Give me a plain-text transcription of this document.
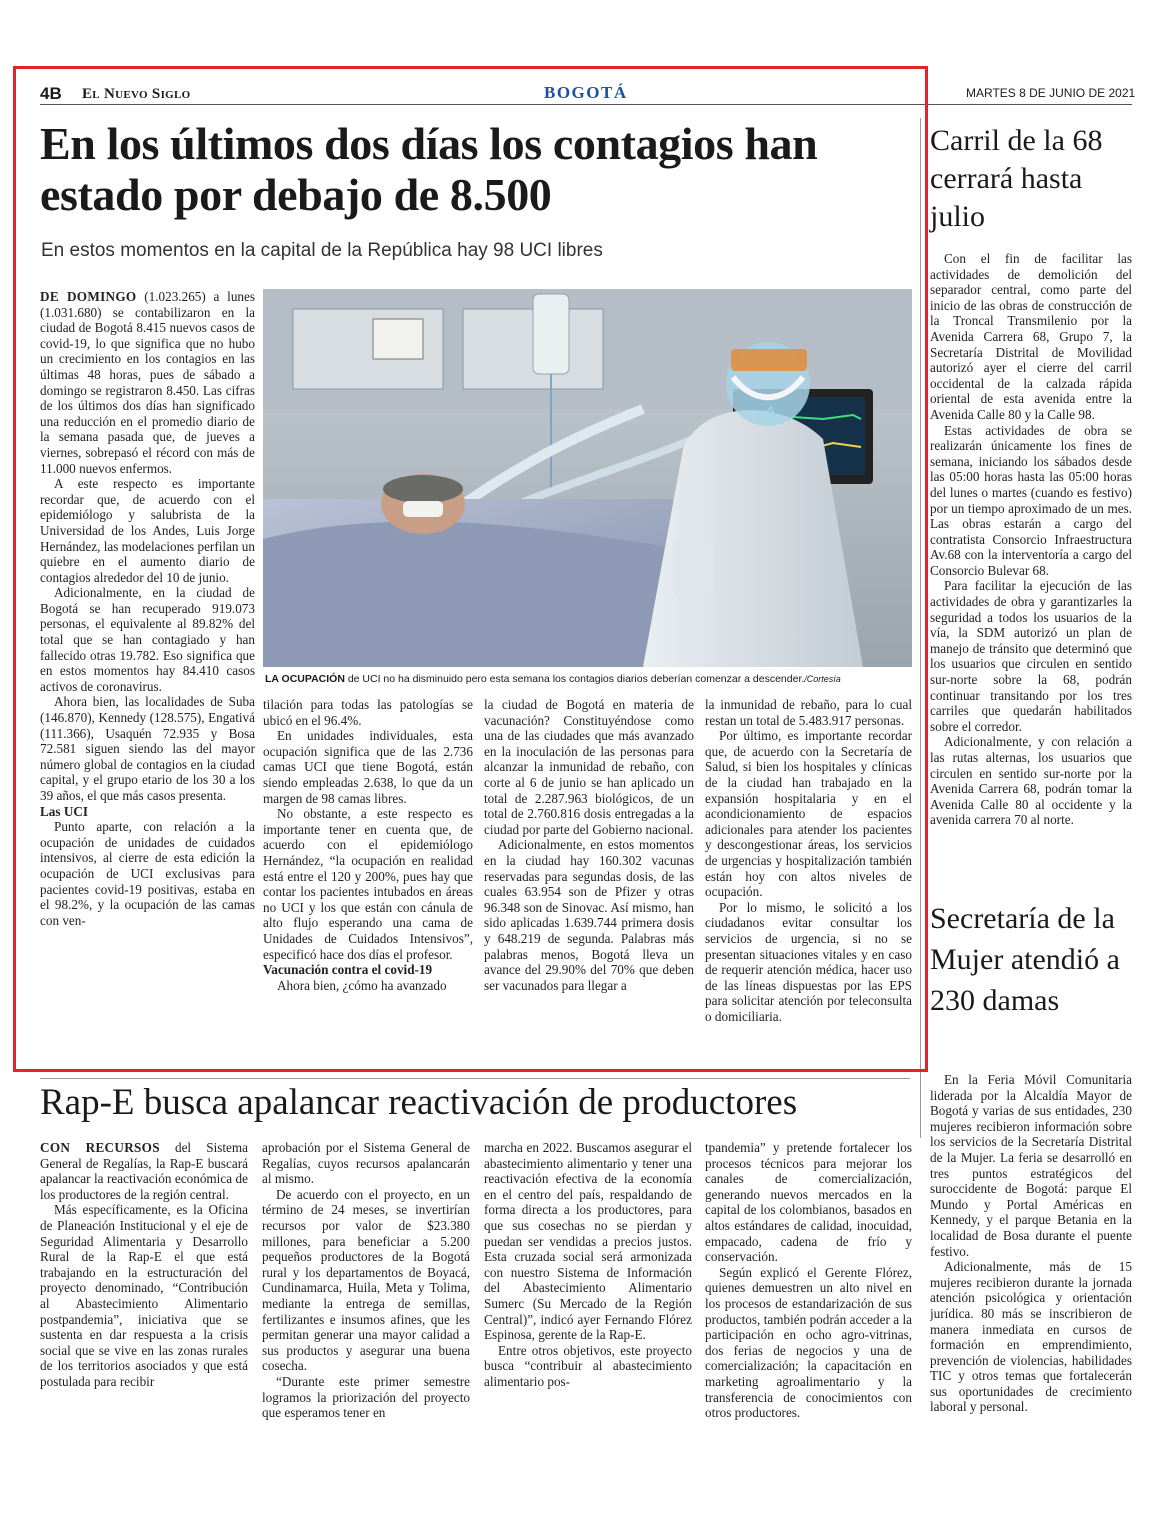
4B El Nuevo Siglo	BOGOTÁ	MARTES 8 DE JUNIO DE 2021
En los últimos dos días los contagios han estado por debajo de 8.500
En estos momentos en la capital de la República hay 98 UCI libres

DE DOMINGO (1.023.265) a lunes (1.031.680) se contabilizaron en la ciudad de Bogotá 8.415 nuevos casos de covid-19, lo que significa que no hubo un crecimiento en los contagios en las últimas 48 horas, pues de sábado a domingo se registraron 8.450. Las cifras de los últimos dos días han significado una reducción en el promedio diario de la semana pasada que, de jueves a viernes, sobrepasó el récord con más de 11.000 nuevos enfermos.

A este respecto es importante recordar que, de acuerdo con el epidemiólogo y salubrista de la Universidad de los Andes, Luis Jorge Hernández, las modelaciones perfilan un quiebre en el aumento diario de contagios alrededor del 10 de junio.

Adicionalmente, en la ciudad de Bogotá se han recuperado 919.073 personas, el equivalente al 89.82% del total que se han contagiado y han fallecido otras 19.782. Eso significa que en estos momentos hay 84.410 casos activos de coronavirus.

Ahora bien, las localidades de Suba (146.870), Kennedy (128.575), Engativá (111.366), Usaquén 72.935 y Bosa 72.581 siguen siendo las del mayor número global de contagios en la ciudad capital, y el grupo etario de los 30 a los 39 años, el que más casos presenta.

Las UCI

Punto aparte, con relación a la ocupación de unidades de cuidados intensivos, al cierre de esta edición la ocupación de UCI exclusivas para pacientes covid-19 positivas, estaba en el 98.2%, y la ocupación de las camas con ven-

LA OCUPACIÓN de UCI no ha disminuido pero esta semana los contagios diarios deberían comenzar a descender./Cortesía

tilación para todas las patologías se ubicó en el 96.4%.

En unidades individuales, esta ocupación significa que de las 2.736 camas UCI que tiene Bogotá, están siendo empleadas 2.638, lo que da un margen de 98 camas libres.

No obstante, a este respecto es importante tener en cuenta que, de acuerdo con el epidemiólogo Hernández, “la ocupación en realidad está entre el 120 y 200%, pues hay que contar los pacientes intubados en áreas no UCI y los que están con cánula de alto flujo esperando una cama de Unidades de Cuidados Intensivos”, especificó hace dos días el profesor.

Vacunación contra el covid-19

Ahora bien, ¿cómo ha avanzado

la ciudad de Bogotá en materia de vacunación? Constituyéndose como una de las ciudades que más avanzado en la inoculación de las personas para alcanzar la inmunidad de rebaño, con corte al 6 de junio se han aplicado un total de 2.287.963 biológicos, de un total de 2.760.816 dosis entregadas a la ciudad por parte del Gobierno nacional.

Adicionalmente, en estos momentos en la ciudad hay 160.302 vacunas reservadas para segundas dosis, de las cuales 63.954 son de Pfizer y otras 96.348 son de Sinovac. Así mismo, han sido aplicadas 1.639.744 primera dosis y 648.219 de segunda. Palabras más palabras menos, Bogotá lleva un avance del 29.90% del 70% que deben ser vacunados para llegar a

la inmunidad de rebaño, para lo cual restan un total de 5.483.917 personas.

Por último, es importante recordar que, de acuerdo con la Secretaría de Salud, si bien los hospitales y clínicas de la ciudad han trabajado en la expansión hospitalaria y en el acondicionamiento de espacios adicionales para atender los pacientes y descongestionar áreas, los servicios de urgencias y hospitalización también están hoy con altos niveles de ocupación.

Por lo mismo, le solicitó a los ciudadanos evitar consultar los servicios de urgencia, si no se presentan situaciones vitales y en caso de requerir atención médica, hacer uso de las líneas dispuestas por las EPS para solicitar atención por teleconsulta o domiciliaria.

Carril de la 68 cerrará hasta julio

Con el fin de facilitar las actividades de demolición del separador central, como parte del inicio de las obras de construcción de la Troncal Transmilenio por la Avenida Carrera 68, Grupo 7, la Secretaría Distrital de Movilidad autorizó ayer el cierre del carril occidental de la calzada rápida oriental de esta avenida entre la Avenida Calle 80 y la Calle 98.

Estas actividades de obra se realizarán únicamente los fines de semana, iniciando los sábados desde las 05:00 horas hasta las 05:00 horas del lunes o martes (cuando es festivo) por un tiempo aproximado de un mes. Las obras estarán a cargo del contratista Consorcio Infraestructura Av.68 con la interventoría a cargo del Consorcio Bulevar 68.

Para facilitar la ejecución de las actividades de obra y garantizarles la seguridad a todos los usuarios de la vía, la SDM autorizó un plan de manejo de tránsito que determinó que los usuarios que circulen en sentido sur-norte sobre la 68, podrán continuar transitando por los tres carriles que quedarán habilitados sobre el corredor.

Adicionalmente, y con relación a las rutas alternas, los usuarios que circulen en sentido sur-norte por la Avenida Carrera 68, podrán tomar la Avenida Calle 80 al occidente y la avenida carrera 70 al norte.

Secretaría de la Mujer atendió a 230 damas

En la Feria Móvil Comunitaria liderada por la Alcaldía Mayor de Bogotá y varias de sus entidades, 230 mujeres recibieron información sobre los servicios de la Secretaría Distrital de la Mujer. La feria se desarrolló en tres puntos estratégicos del suroccidente de Bogotá: parque El Mundo y Portal Américas en Kennedy, y el parque Betania en la localidad de Bosa durante el puente festivo.

Adicionalmente, más de 15 mujeres recibieron durante la jornada atención psicológica y orientación jurídica. 80 más se inscribieron de manera inmediata en cursos de formación en emprendimiento, prevención de violencias, habilidades TIC y otros temas que fortalecerán sus oportunidades de crecimiento laboral y personal.

Rap-E busca apalancar reactivación de productores

CON RECURSOS del Sistema General de Regalías, la Rap-E buscará apalancar la reactivación económica de los productores de la región central.

Más específicamente, es la Oficina de Planeación Institucional y el eje de Seguridad Alimentaria y Desarrollo Rural de la Rap-E el que está trabajando en la estructuración del proyecto denominado, “Contribución al Abastecimiento Alimentario postpandemia”, iniciativa que se sustenta en dar respuesta a la crisis social que se vive en las zonas rurales de los territorios asociados y que está postulada para recibir

aprobación por el Sistema General de Regalías, cuyos recursos apalancarán al mismo.

De acuerdo con el proyecto, en un término de 24 meses, se invertirían recursos por valor de $23.380 millones, para beneficiar a 5.200 pequeños productores de la Bogotá rural y los departamentos de Boyacá, Cundinamarca, Huila, Meta y Tolima, mediante la entrega de semillas, fertilizantes e insumos afines, que les permitan generar una mayor calidad a sus productos y asegurar una buena cosecha.

“Durante este primer semestre logramos la priorización del proyecto que esperamos tener en

marcha en 2022. Buscamos asegurar el abastecimiento alimentario y tener una reactivación efectiva de la economía en el centro del país, respaldando de forma directa a los productores, para que sus cosechas no se pierdan y puedan ser vendidas a precios justos. Esta cruzada social será armonizada con nuestro Sistema de Información del Abastecimiento Alimentario Sumerc (Su Mercado de la Región Central)”, indicó ayer Fernando Flórez Espinosa, gerente de la Rap-E.

Entre otros objetivos, este proyecto busca “contribuir al abastecimiento alimentario pos-

tpandemia” y pretende fortalecer los procesos técnicos para mejorar los canales de comercialización, generando nuevos mercados en la capital de los colombianos, basados en altos estándares de calidad, inocuidad, empacado, cadena de frío y conservación.

Según explicó el Gerente Flórez, quienes demuestren un alto nivel en los procesos de estandarización de sus productos, también podrán acceder a la participación en ocho agro-vitrinas, dos ferias de negocios y una de comercialización; la capacitación en marketing agroalimentario y la transferencia de conocimientos con otros productores.
